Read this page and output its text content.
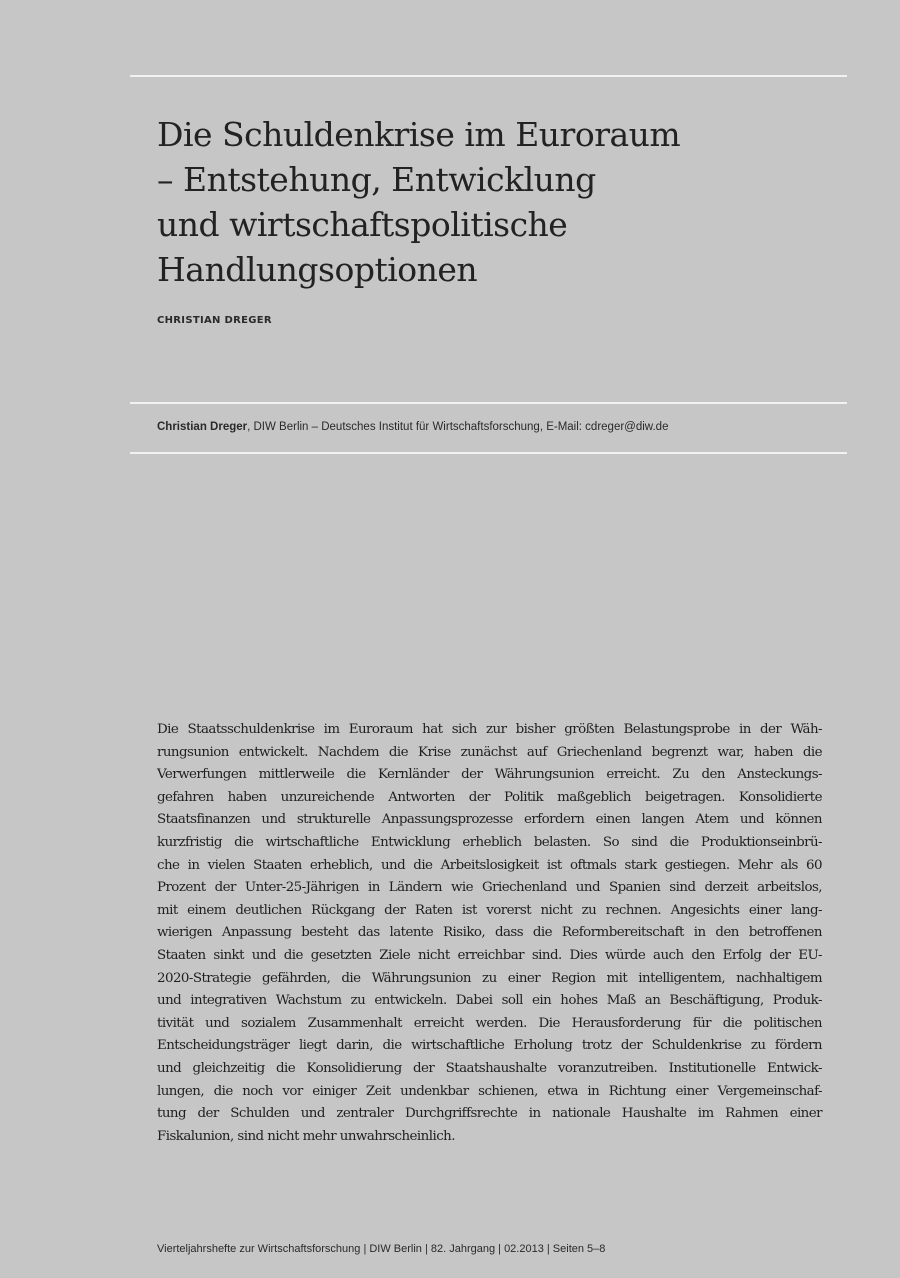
Die Schuldenkrise im Euroraum
– Entstehung, Entwicklung
und wirtschaftspolitische
Handlungsoptionen
CHRISTIAN DREGER
Christian Dreger, DIW Berlin – Deutsches Institut für Wirtschaftsforschung, E-Mail: cdreger@diw.de
Die Staatsschuldenkrise im Euroraum hat sich zur bisher größten Belastungsprobe in der Wäh-
rungsunion entwickelt. Nachdem die Krise zunächst auf Griechenland begrenzt war, haben die
Verwerfungen mittlerweile die Kernländer der Währungsunion erreicht. Zu den Ansteckungs-
gefahren haben unzureichende Antworten der Politik maßgeblich beigetragen. Konsolidierte
Staatsfinanzen und strukturelle Anpassungsprozesse erfordern einen langen Atem und können
kurzfristig die wirtschaftliche Entwicklung erheblich belasten. So sind die Produktionseinbrü-
che in vielen Staaten erheblich, und die Arbeitslosigkeit ist oftmals stark gestiegen. Mehr als 60
Prozent der Unter-25-Jährigen in Ländern wie Griechenland und Spanien sind derzeit arbeitslos,
mit einem deutlichen Rückgang der Raten ist vorerst nicht zu rechnen. Angesichts einer lang-
wierigen Anpassung besteht das latente Risiko, dass die Reformbereitschaft in den betroffenen
Staaten sinkt und die gesetzten Ziele nicht erreichbar sind. Dies würde auch den Erfolg der EU-
2020-Strategie gefährden, die Währungsunion zu einer Region mit intelligentem, nachhaltigem
und integrativen Wachstum zu entwickeln. Dabei soll ein hohes Maß an Beschäftigung, Produk-
tivität und sozialem Zusammenhalt erreicht werden. Die Herausforderung für die politischen
Entscheidungsträger liegt darin, die wirtschaftliche Erholung trotz der Schuldenkrise zu fördern
und gleichzeitig die Konsolidierung der Staatshaushalte voranzutreiben. Institutionelle Entwick-
lungen, die noch vor einiger Zeit undenkbar schienen, etwa in Richtung einer Vergemeinschaf-
tung der Schulden und zentraler Durchgriffsrechte in nationale Haushalte im Rahmen einer
Fiskalunion, sind nicht mehr unwahrscheinlich.
Vierteljahrshefte zur Wirtschaftsforschung | DIW Berlin | 82. Jahrgang | 02.2013 | Seiten 5–8
